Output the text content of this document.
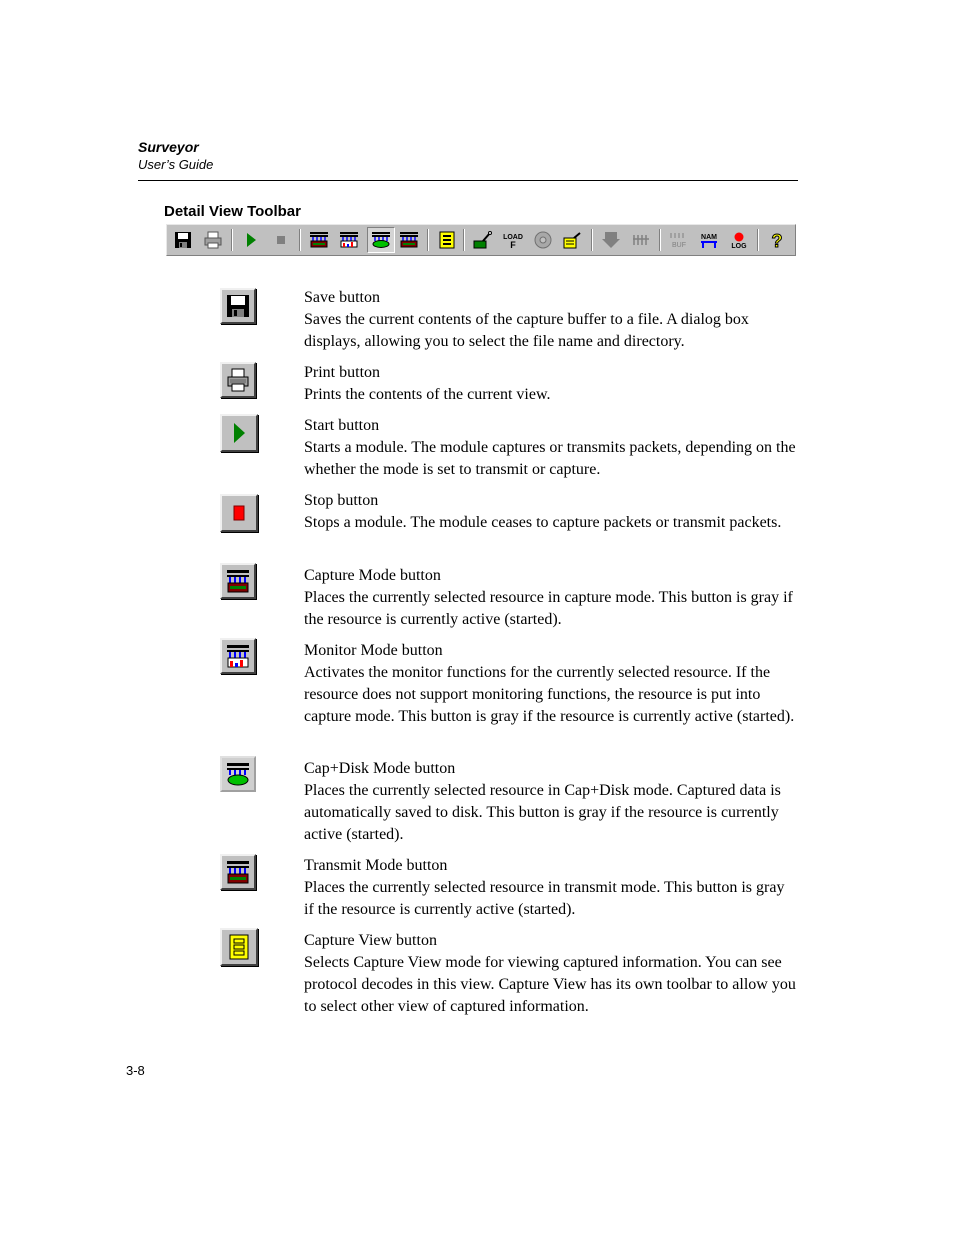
Surveyor
User’s Guide
Detail View Toolbar
LOAD
F	BUF
NAM
LOG ?
Save button
Saves the current contents of the capture buffer to a file. A dialog box displays, allowing you to select the file name and directory.
Print button
Prints the contents of the current view.
Start button
Starts a module. The module captures or transmits packets, depending on the whether the mode is set to transmit or capture.
Stop button
Stops a module. The module ceases to capture packets or transmit packets.
Capture Mode button
Places the currently selected resource in capture mode. This button is gray if the resource is currently active (started).
Monitor Mode button
Activates the monitor functions for the currently selected resource. If the resource does not support monitoring functions, the resource is put into capture mode. This button is gray if the resource is currently active (started).
Cap+Disk Mode button
Places the currently selected resource in Cap+Disk mode. Captured data is automatically saved to disk. This button is gray if the resource is currently active (started).
Transmit Mode button
Places the currently selected resource in transmit mode. This button is gray if the resource is currently active (started).
Capture View button
Selects Capture View mode for viewing captured information. You can see protocol decodes in this view. Capture View has its own toolbar to allow you to select other view of captured information.
3-8
